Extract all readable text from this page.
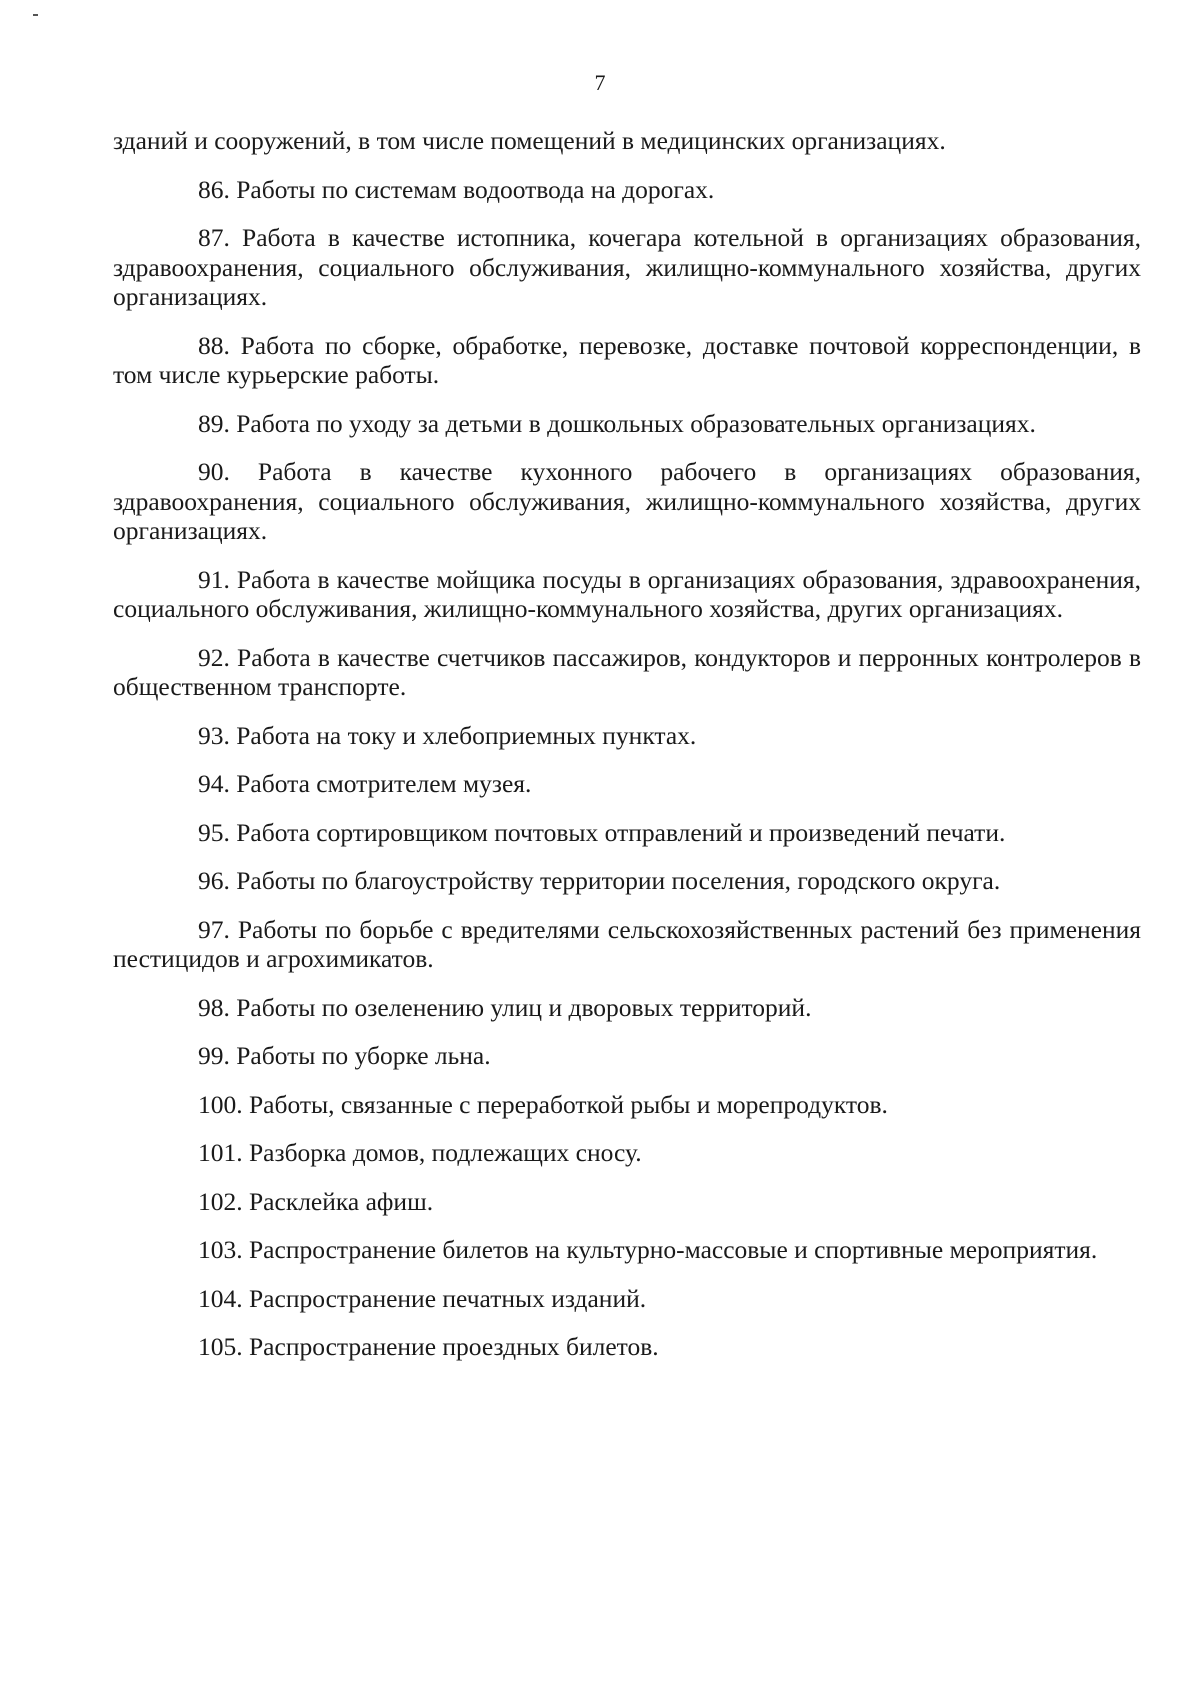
7

зданий и сооружений, в том числе помещений в медицинских организациях.

86. Работы по системам водоотвода на дорогах.

87. Работа в качестве истопника, кочегара котельной в организациях образования, здравоохранения, социального обслуживания, жилищно-коммунального хозяйства, других организациях.

88. Работа по сборке, обработке, перевозке, доставке почтовой корреспонденции, в том числе курьерские работы.

89. Работа по уходу за детьми в дошкольных образовательных организациях.

90. Работа в качестве кухонного рабочего в организациях образования, здравоохранения, социального обслуживания, жилищно-коммунального хозяйства, других организациях.

91. Работа в качестве мойщика посуды в организациях образования, здравоохранения, социального обслуживания, жилищно-коммунального хозяйства, других организациях.

92. Работа в качестве счетчиков пассажиров, кондукторов и перронных контролеров в общественном транспорте.

93. Работа на току и хлебоприемных пунктах.

94. Работа смотрителем музея.

95. Работа сортировщиком почтовых отправлений и произведений печати.

96. Работы по благоустройству территории поселения, городского округа.

97. Работы по борьбе с вредителями сельскохозяйственных растений без применения пестицидов и агрохимикатов.

98. Работы по озеленению улиц и дворовых территорий.

99. Работы по уборке льна.

100. Работы, связанные с переработкой рыбы и морепродуктов.

101. Разборка домов, подлежащих сносу.

102. Расклейка афиш.

103. Распространение билетов на культурно-массовые и спортивные мероприятия.

104. Распространение печатных изданий.

105. Распространение проездных билетов.
